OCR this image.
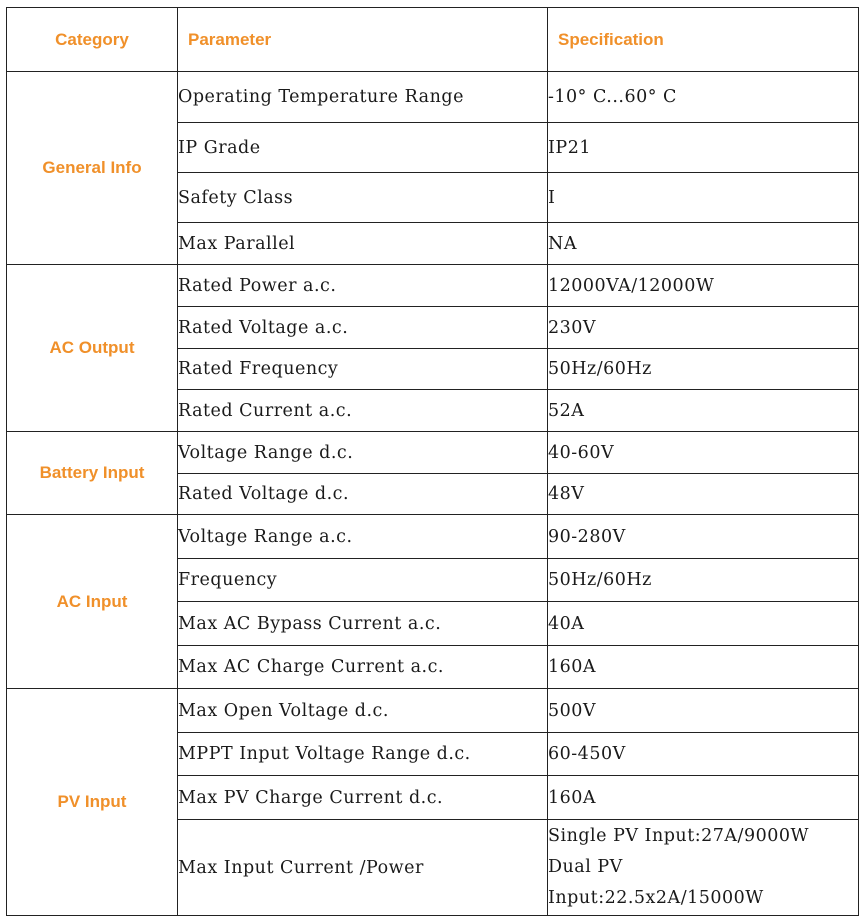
Category	Parameter	Specification
General Info	Operating Temperature Range	-10° C...60° C
	IP Grade	IP21
	Safety Class	I
	Max Parallel	NA
AC Output	Rated Power a.c.	12000VA/12000W
	Rated Voltage a.c.	230V
	Rated Frequency	50Hz/60Hz
	Rated Current a.c.	52A
Battery Input	Voltage Range d.c.	40-60V
	Rated Voltage d.c.	48V
AC Input	Voltage Range a.c.	90-280V
	Frequency	50Hz/60Hz
	Max AC Bypass Current a.c.	40A
	Max AC Charge Current a.c.	160A
PV Input	Max Open Voltage d.c.	500V
	MPPT Input Voltage Range d.c.	60-450V
	Max PV Charge Current d.c.	160A
	Max Input Current /Power	Single PV Input:27A/9000W
Dual PV
Input:22.5x2A/15000W
